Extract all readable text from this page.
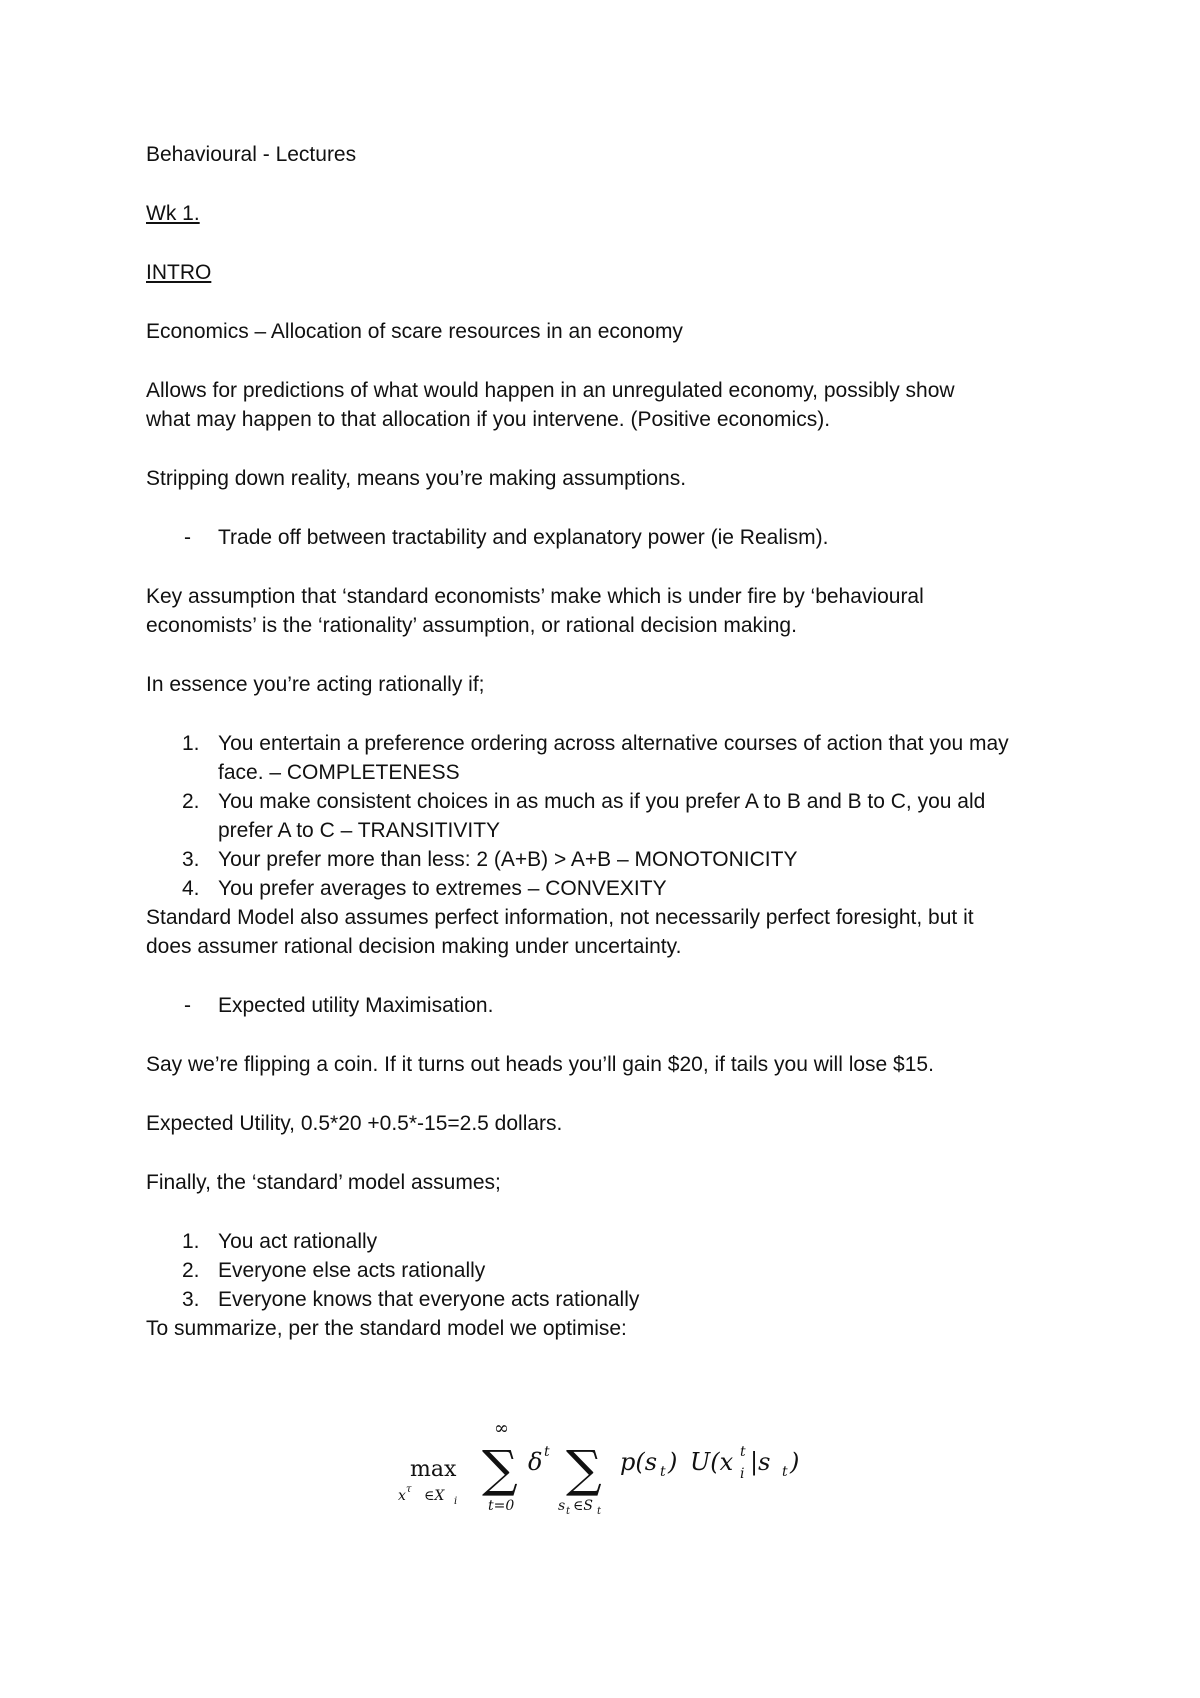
Behavioural - Lectures

Wk 1.

INTRO

Economics – Allocation of scare resources in an economy

Allows for predictions of what would happen in an unregulated economy, possibly show

what may happen to that allocation if you intervene. (Positive economics).

Stripping down reality, means you’re making assumptions.

- Trade off between tractability and explanatory power (ie Realism).

Key assumption that ‘standard economists’ make which is under fire by ‘behavioural

economists’ is the ‘rationality’ assumption, or rational decision making.

In essence you’re acting rationally if;

1. You entertain a preference ordering across alternative courses of action that you may

face. – COMPLETENESS

2. You make consistent choices in as much as if you prefer A to B and B to C, you ald

prefer A to C – TRANSITIVITY

3. Your prefer more than less: 2 (A+B) > A+B – MONOTONICITY

4. You prefer averages to extremes – CONVEXITY

Standard Model also assumes perfect information, not necessarily perfect foresight, but it

does assumer rational decision making under uncertainty.

- Expected utility Maximisation.

Say we’re flipping a coin. If it turns out heads you’ll gain $20, if tails you will lose $15.

Expected Utility, 0.5*20 +0.5*-15=2.5 dollars.

Finally, the ‘standard’ model assumes;

1. You act rationally

2. Everyone else acts rationally

3. Everyone knows that everyone acts rationally

To summarize, per the standard model we optimise:

max
x τ ∈X i
∑
∞
t=0
δ t ∑
s t ∈S t
p(s t ) U(x t
i |s t )
